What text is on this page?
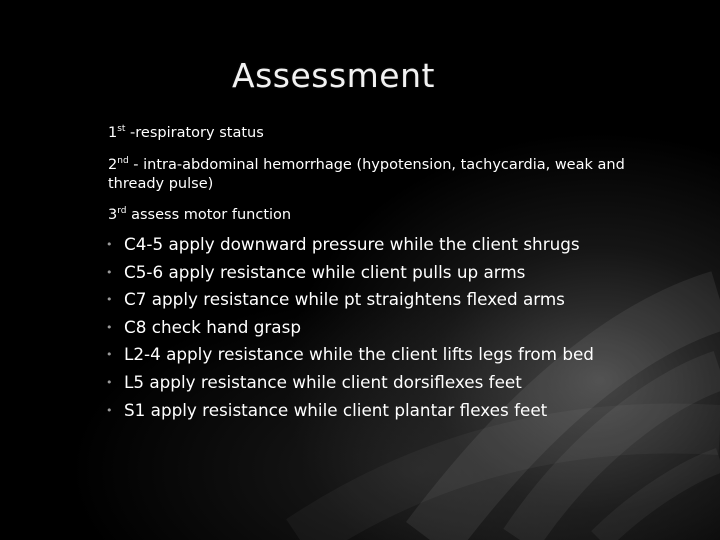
Assessment
1st -respiratory status
2nd - intra-abdominal hemorrhage (hypotension, tachycardia, weak and thready pulse)
3rd assess motor function
• C4-5 apply downward pressure while the client shrugs
• C5-6 apply resistance while client pulls up arms
• C7 apply resistance while pt straightens flexed arms
• C8 check hand grasp
• L2-4 apply resistance while the client lifts legs from bed
• L5 apply resistance while client dorsiflexes feet
• S1 apply resistance while client plantar flexes feet
